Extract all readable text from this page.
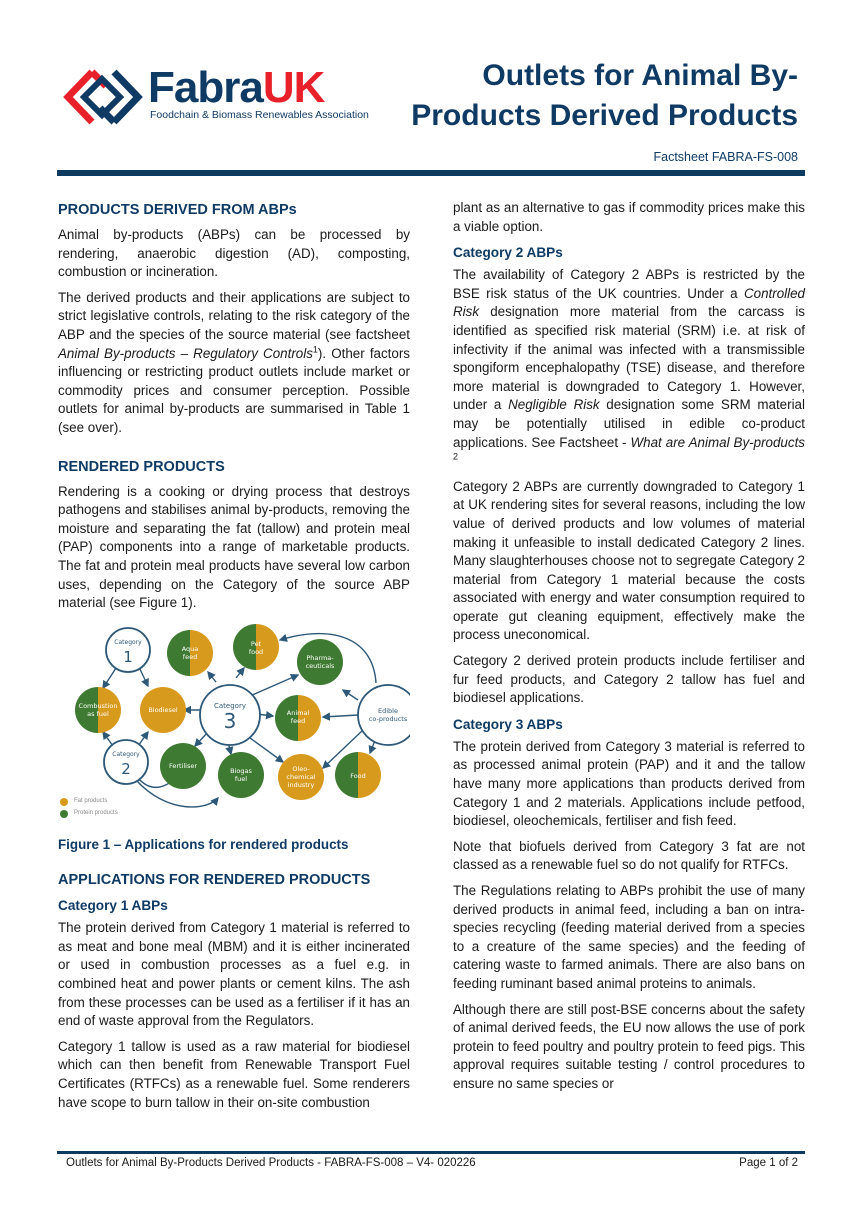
FabraUK
Foodchain & Biomass Renewables Association
Outlets for Animal By-
Products Derived Products
Factsheet FABRA-FS-008
PRODUCTS DERIVED FROM ABPs

Animal by-products (ABPs) can be processed by rendering, anaerobic digestion (AD), composting, combustion or incineration.

The derived products and their applications are subject to strict legislative controls, relating to the risk category of the ABP and the species of the source material (see factsheet Animal By-products – Regulatory Controls$^1$). Other factors influencing or restricting product outlets include market or commodity prices and consumer perception. Possible outlets for animal by-products are summarised in Table 1 (see over).

RENDERED PRODUCTS

Rendering is a cooking or drying process that destroys pathogens and stabilises animal by-products, removing the moisture and separating the fat (tallow) and protein meal (PAP) components into a range of marketable products. The fat and protein meal products have several low carbon uses, depending on the Category of the source ABP material (see Figure 1).

Aqua
feed
Pet
food
Pharma-
ceuticals
Combustion
as fuel	Biodiesel	Animal
feed
Fertiliser
Biogas
fuel
Oleo-
chemical
industry
Food
Category
1
Category
2
Category
3	Edible
co-products
Fat products
Protein products
Figure 1 – Applications for rendered products
APPLICATIONS FOR RENDERED PRODUCTS
Category 1 ABPs

The protein derived from Category 1 material is referred to as meat and bone meal (MBM) and it is either incinerated or used in combustion processes as a fuel e.g. in combined heat and power plants or cement kilns. The ash from these processes can be used as a fertiliser if it has an end of waste approval from the Regulators.

Category 1 tallow is used as a raw material for biodiesel which can then benefit from Renewable Transport Fuel Certificates (RTFCs) as a renewable fuel. Some renderers have scope to burn tallow in their on-site combustion

plant as an alternative to gas if commodity prices make this a viable option.

Category 2 ABPs

The availability of Category 2 ABPs is restricted by the BSE risk status of the UK countries. Under a Controlled Risk designation more material from the carcass is identified as specified risk material (SRM) i.e. at risk of infectivity if the animal was infected with a transmissible spongiform encephalopathy (TSE) disease, and therefore more material is downgraded to Category 1. However, under a Negligible Risk designation some SRM material may be potentially utilised in edible co-product applications. See Factsheet - What are Animal By-products $^2$

Category 2 ABPs are currently downgraded to Category 1 at UK rendering sites for several reasons, including the low value of derived products and low volumes of material making it unfeasible to install dedicated Category 2 lines. Many slaughterhouses choose not to segregate Category 2 material from Category 1 material because the costs associated with energy and water consumption required to operate gut cleaning equipment, effectively make the process uneconomical.

Category 2 derived protein products include fertiliser and fur feed products, and Category 2 tallow has fuel and biodiesel applications.

Category 3 ABPs

The protein derived from Category 3 material is referred to as processed animal protein (PAP) and it and the tallow have many more applications than products derived from Category 1 and 2 materials. Applications include petfood, biodiesel, oleochemicals, fertiliser and fish feed.

Note that biofuels derived from Category 3 fat are not classed as a renewable fuel so do not qualify for RTFCs.

The Regulations relating to ABPs prohibit the use of many derived products in animal feed, including a ban on intra-species recycling (feeding material derived from a species to a creature of the same species) and the feeding of catering waste to farmed animals. There are also bans on feeding ruminant based animal proteins to animals.

Although there are still post-BSE concerns about the safety of animal derived feeds, the EU now allows the use of pork protein to feed poultry and poultry protein to feed pigs. This approval requires suitable testing / control procedures to ensure no same species or

Outlets for Animal By-Products Derived Products - FABRA-FS-008 – V4- 020226	Page 1 of 2
